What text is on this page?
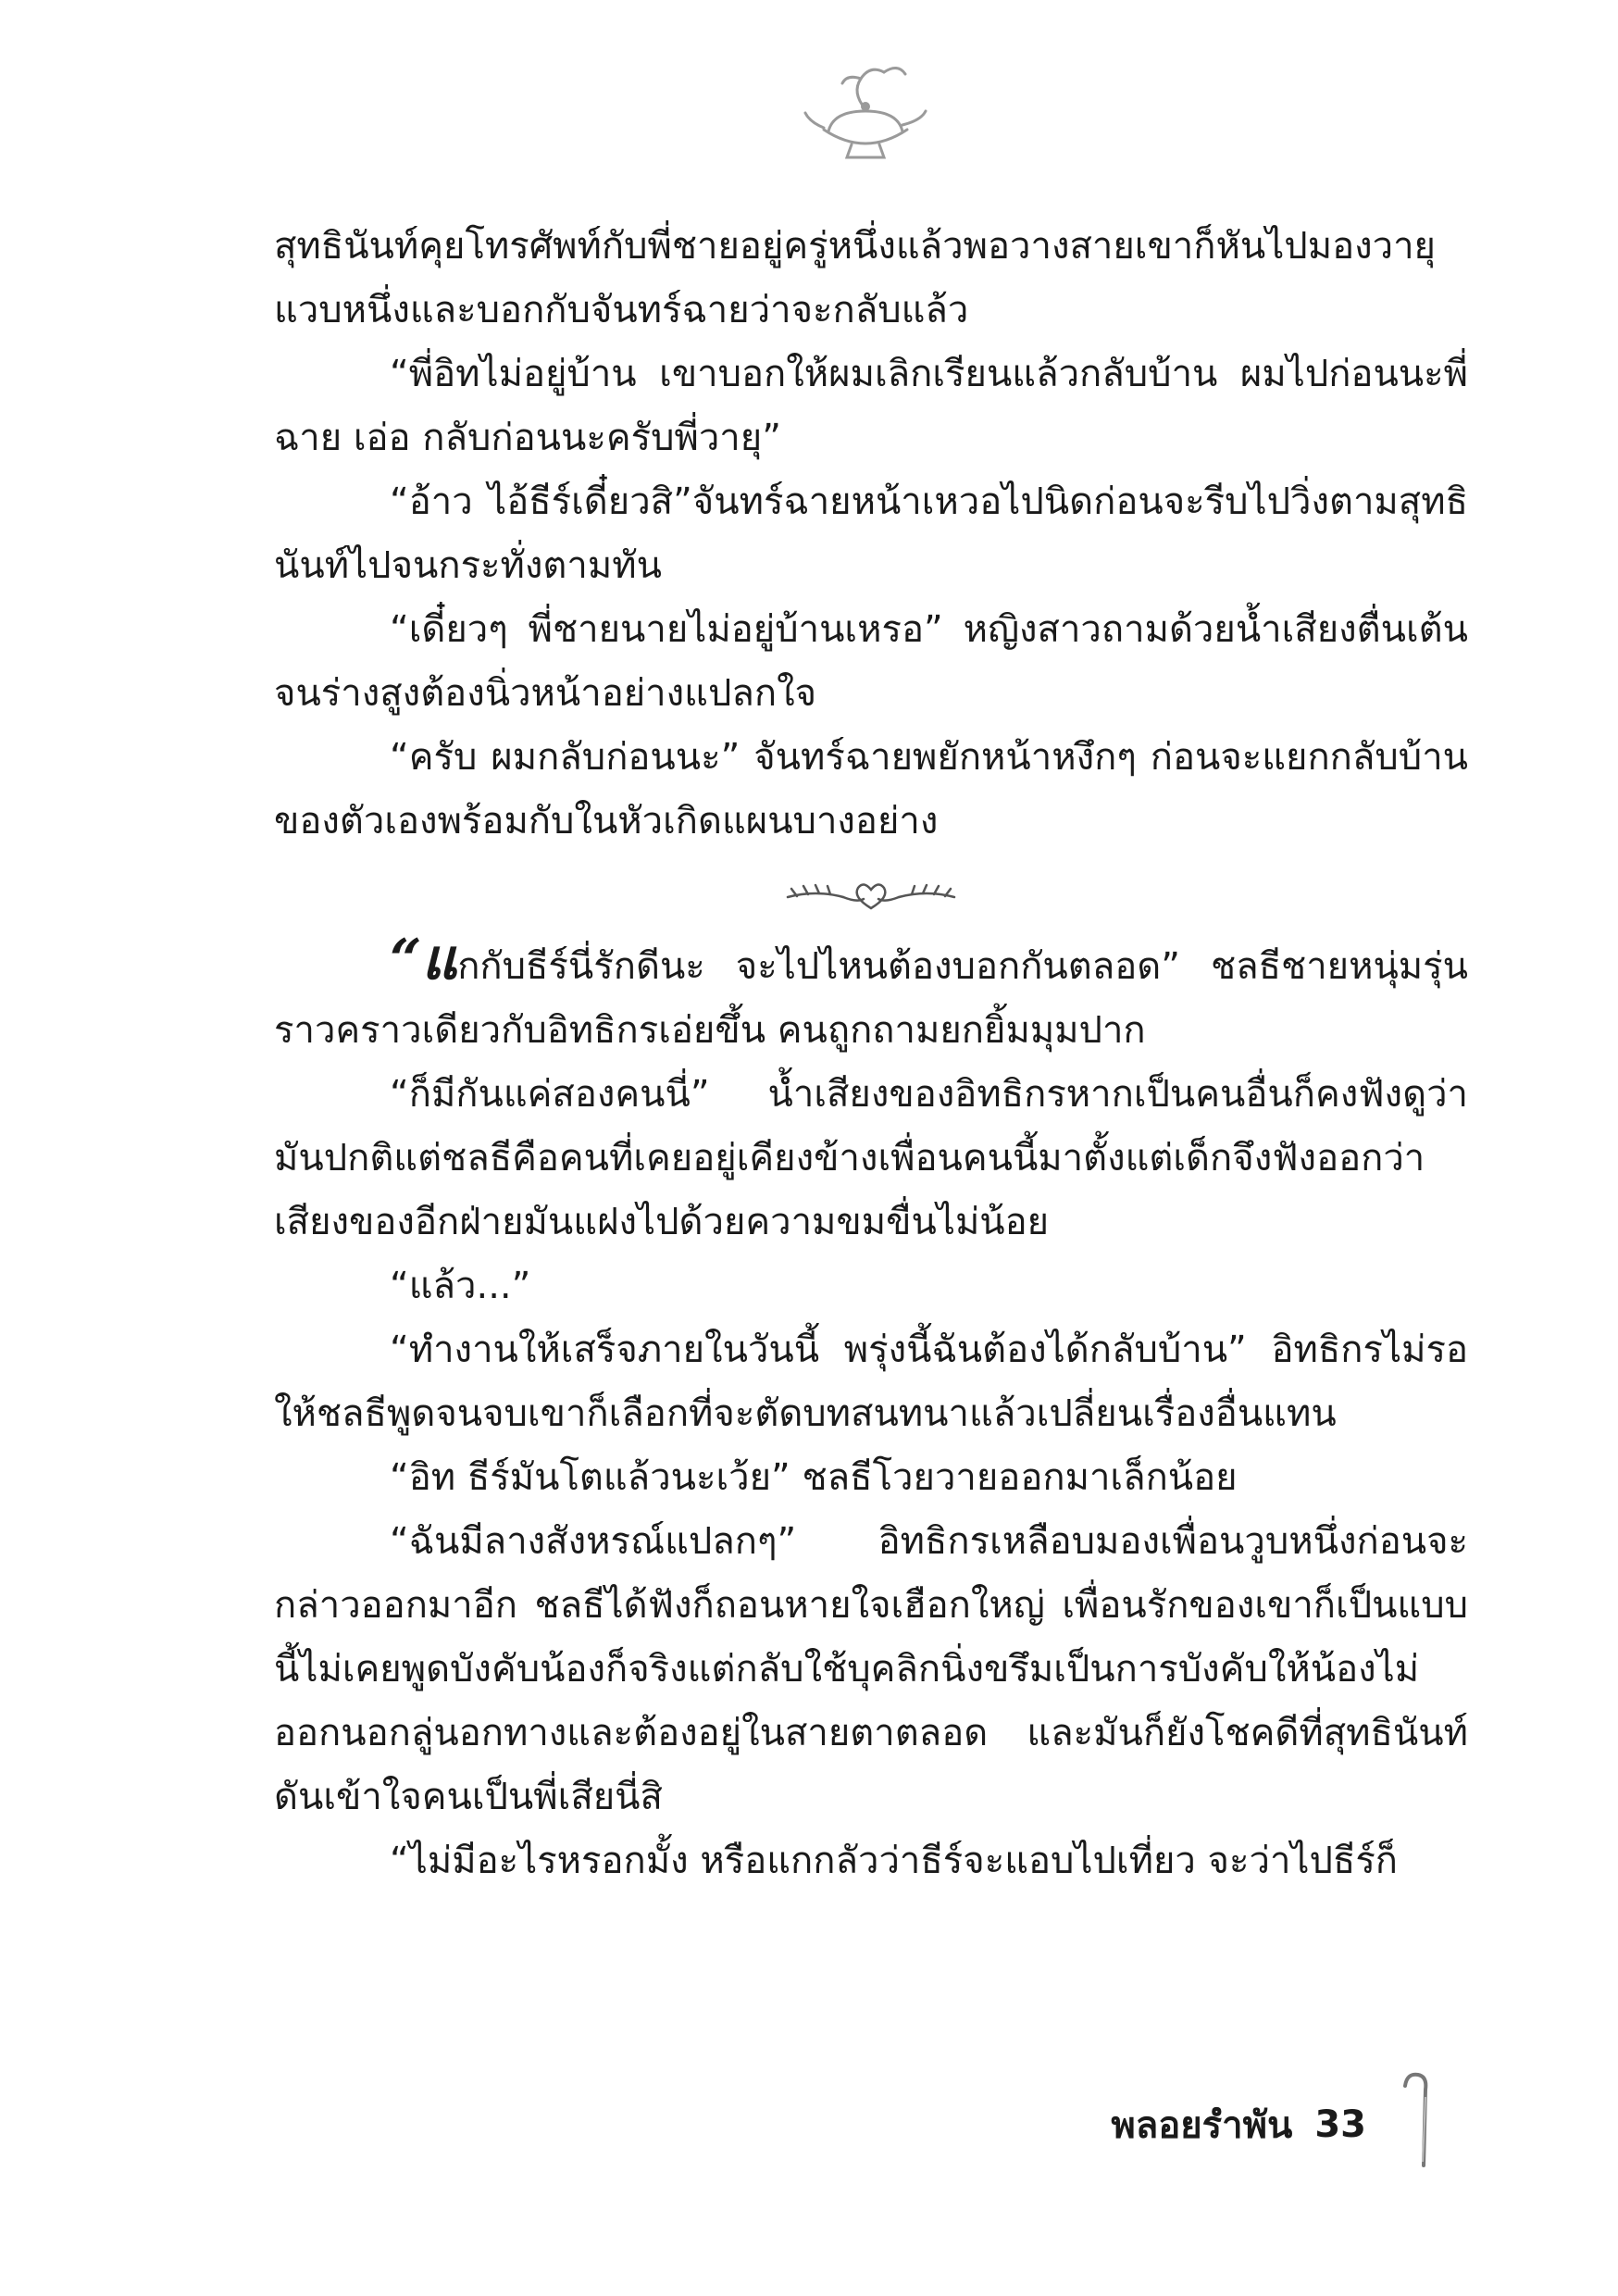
สุทธินันท์คุยโทรศัพท์กับพี่ชายอยู่ครู่หนึ่งแล้วพอวางสายเขาก็หันไปมองวายุแวบหนึ่งและบอกกับจันทร์ฉายว่าจะกลับแล้ว

“พี่อิทไม่อยู่บ้าน เขาบอกให้ผมเลิกเรียนแล้วกลับบ้าน ผมไปก่อนนะพี่ฉาย เอ่อ กลับก่อนนะครับพี่วายุ”

“อ้าว ไอ้ธีร์เดี๋ยวสิ”จันทร์ฉายหน้าเหวอไปนิดก่อนจะรีบไปวิ่งตามสุทธินันท์ไปจนกระทั่งตามทัน

“เดี๋ยวๆ พี่ชายนายไม่อยู่บ้านเหรอ” หญิงสาวถามด้วยน้ำเสียงตื่นเต้นจนร่างสูงต้องนิ่วหน้าอย่างแปลกใจ

“ครับ ผมกลับก่อนนะ” จันทร์ฉายพยักหน้าหงึกๆ ก่อนจะแยกกลับบ้านของตัวเองพร้อมกับในหัวเกิดแผนบางอย่าง

“แกกับธีร์นี่รักดีนะ จะไปไหนต้องบอกกันตลอด” ชลธีชายหนุ่มรุ่นราวคราวเดียวกับอิทธิกรเอ่ยขึ้น คนถูกถามยกยิ้มมุมปาก

“ก็มีกันแค่สองคนนี่” น้ำเสียงของอิทธิกรหากเป็นคนอื่นก็คงฟังดูว่ามันปกติแต่ชลธีคือคนที่เคยอยู่เคียงข้างเพื่อนคนนี้มาตั้งแต่เด็กจึงฟังออกว่าเสียงของอีกฝ่ายมันแฝงไปด้วยความขมขื่นไม่น้อย

“แล้ว...”

“ทำงานให้เสร็จภายในวันนี้ พรุ่งนี้ฉันต้องได้กลับบ้าน” อิทธิกรไม่รอให้ชลธีพูดจนจบเขาก็เลือกที่จะตัดบทสนทนาแล้วเปลี่ยนเรื่องอื่นแทน

“อิท ธีร์มันโตแล้วนะเว้ย” ชลธีโวยวายออกมาเล็กน้อย

“ฉันมีลางสังหรณ์แปลกๆ” อิทธิกรเหลือบมองเพื่อนวูบหนึ่งก่อนจะกล่าวออกมาอีก ชลธีได้ฟังก็ถอนหายใจเฮือกใหญ่ เพื่อนรักของเขาก็เป็นแบบนี้ไม่เคยพูดบังคับน้องก็จริงแต่กลับใช้บุคลิกนิ่งขรึมเป็นการบังคับให้น้องไม่ออกนอกลู่นอกทางและต้องอยู่ในสายตาตลอด และมันก็ยังโชคดีที่สุทธินันท์ดันเข้าใจคนเป็นพี่เสียนี่สิ

“ไม่มีอะไรหรอกมั้ง หรือแกกลัวว่าธีร์จะแอบไปเที่ยว จะว่าไปธีร์ก็

พลอยรำพัน 33
